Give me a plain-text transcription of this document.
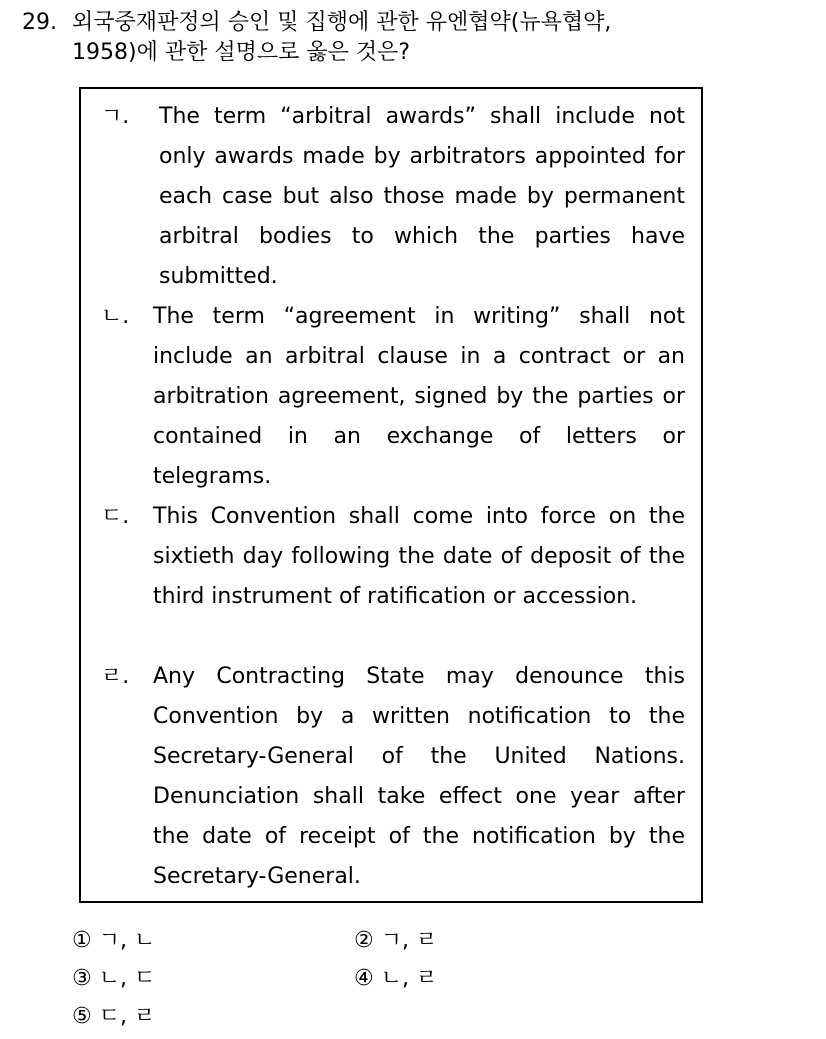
29. 외국중재판정의 승인 및 집행에 관한 유엔협약(뉴욕협약,
1958)에 관한 설명으로 옳은 것은?
ㄱ.	The term “arbitral awards” shall include not only awards made by arbitrators appointed for each case but also those made by permanent arbitral bodies to which the parties have submitted.
ㄴ.	The term “agreement in writing” shall not include an arbitral clause in a contract or an arbitration agreement, signed by the parties or contained in an exchange of letters or telegrams.
ㄷ.	This Convention shall come into force on the sixtieth day following the date of deposit of the third instrument of ratification or accession.
ㄹ.	Any Contracting State may denounce this Convention by a written notification to the Secretary-General of the United Nations. Denunciation shall take effect one year after the date of receipt of the notification by the Secretary-General.
① ㄱ, ㄴ	② ㄱ, ㄹ
③ ㄴ, ㄷ	④ ㄴ, ㄹ
⑤ ㄷ, ㄹ
